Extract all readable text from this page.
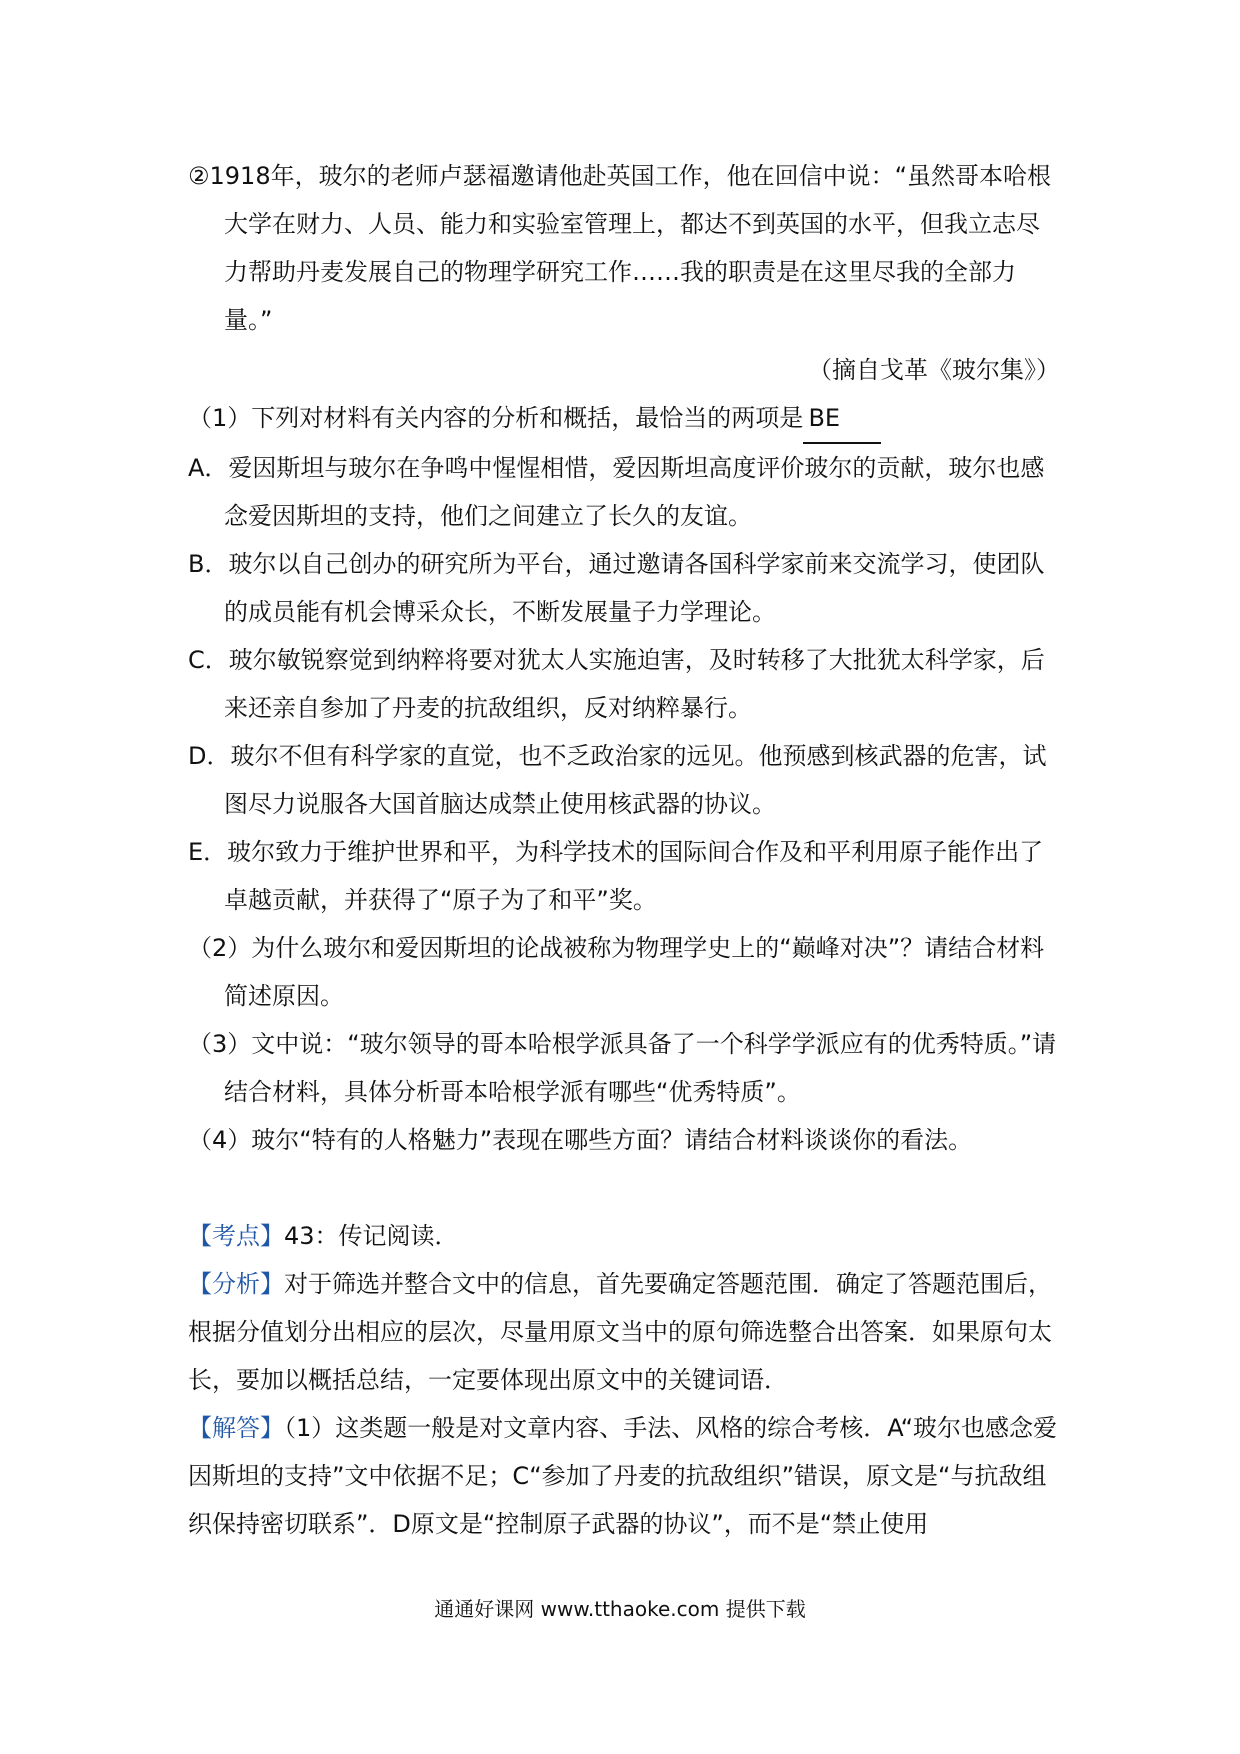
②1918年，玻尔的老师卢瑟福邀请他赴英国工作，他在回信中说：“虽然哥本哈根大学在财力、人员、能力和实验室管理上，都达不到英国的水平，但我立志尽力帮助丹麦发展自己的物理学研究工作……我的职责是在这里尽我的全部力量。”

（摘自戈革《玻尔集》）

（1）下列对材料有关内容的分析和概括，最恰当的两项是 BE

A．爱因斯坦与玻尔在争鸣中惺惺相惜，爱因斯坦高度评价玻尔的贡献，玻尔也感念爱因斯坦的支持，他们之间建立了长久的友谊。

B．玻尔以自己创办的研究所为平台，通过邀请各国科学家前来交流学习，使团队的成员能有机会博采众长，不断发展量子力学理论。

C．玻尔敏锐察觉到纳粹将要对犹太人实施迫害，及时转移了大批犹太科学家，后来还亲自参加了丹麦的抗敌组织，反对纳粹暴行。

D．玻尔不但有科学家的直觉，也不乏政治家的远见。他预感到核武器的危害，试图尽力说服各大国首脑达成禁止使用核武器的协议。

E．玻尔致力于维护世界和平，为科学技术的国际间合作及和平利用原子能作出了卓越贡献，并获得了“原子为了和平”奖。

（2）为什么玻尔和爱因斯坦的论战被称为物理学史上的“巅峰对决”？请结合材料简述原因。

（3）文中说：“玻尔领导的哥本哈根学派具备了一个科学学派应有的优秀特质。”请结合材料，具体分析哥本哈根学派有哪些“优秀特质”。

（4）玻尔“特有的人格魅力”表现在哪些方面？请结合材料谈谈你的看法。

【考点】43：传记阅读．

【分析】对于筛选并整合文中的信息，首先要确定答题范围．确定了答题范围后，根据分值划分出相应的层次，尽量用原文当中的原句筛选整合出答案．如果原句太长，要加以概括总结，一定要体现出原文中的关键词语．

【解答】（1）这类题一般是对文章内容、手法、风格的综合考核．A“玻尔也感念爱因斯坦的支持”文中依据不足；C“参加了丹麦的抗敌组织”错误，原文是“与抗敌组织保持密切联系”．D原文是“控制原子武器的协议”，而不是“禁止使用

通通好课网 www.tthaoke.com 提供下载
